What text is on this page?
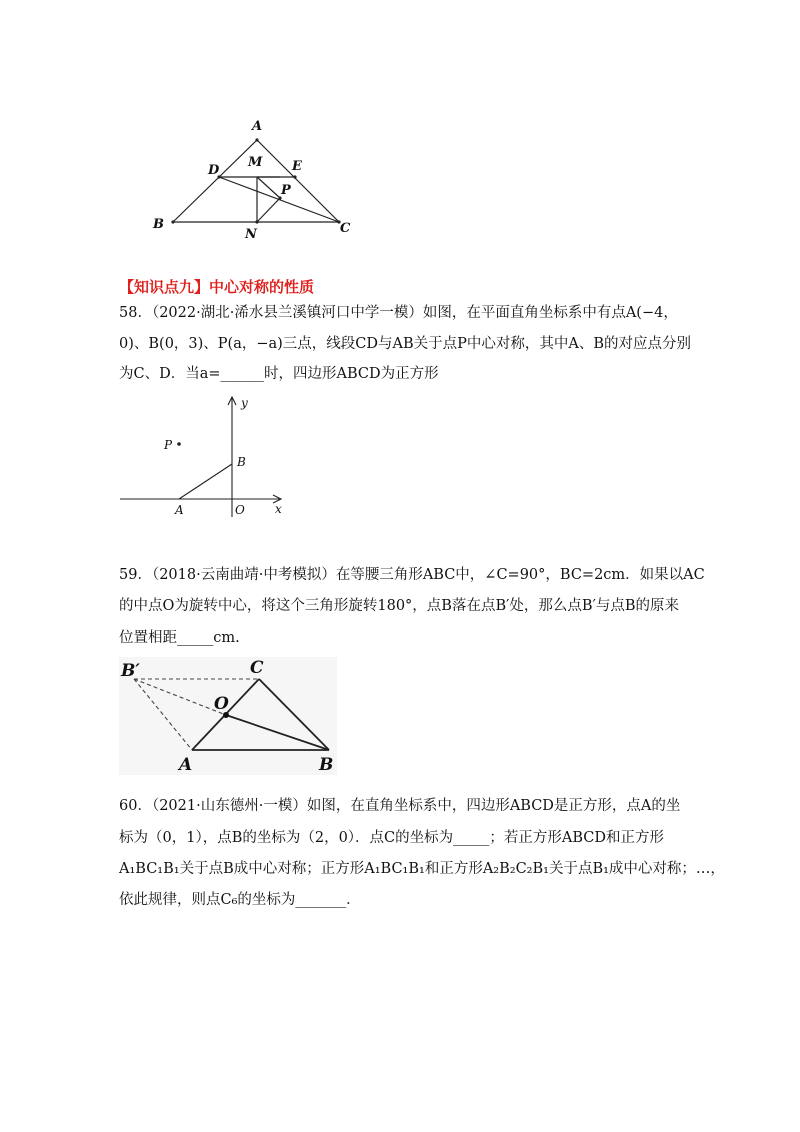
A
M E
D
P
B
N	C
【知识点九】中心对称的性质
58．（2022·湖北·浠水县兰溪镇河口中学一模）如图，在平面直角坐标系中有点A(−4，
0)、B(0，3)、P(a，−a)三点，线段CD与AB关于点P中心对称，其中A、B的对应点分别
为C、D．当a=______时，四边形ABCD为正方形
y
x
P
B
A	O
59．（2018·云南曲靖·中考模拟）在等腰三角形ABC中，∠C=90°，BC=2cm．如果以AC
的中点O为旋转中心，将这个三角形旋转180°，点B落在点B′处，那么点B′与点B的原来
位置相距_____cm.
B′	C
O
A	B
60．（2021·山东德州·一模）如图，在直角坐标系中，四边形ABCD是正方形，点A的坐
标为（0，1），点B的坐标为（2，0）．点C的坐标为_____；若正方形ABCD和正方形
A₁BC₁B₁关于点B成中心对称；正方形A₁BC₁B₁和正方形A₂B₂C₂B₁关于点B₁成中心对称；…，
依此规律，则点C₆的坐标为_______．
